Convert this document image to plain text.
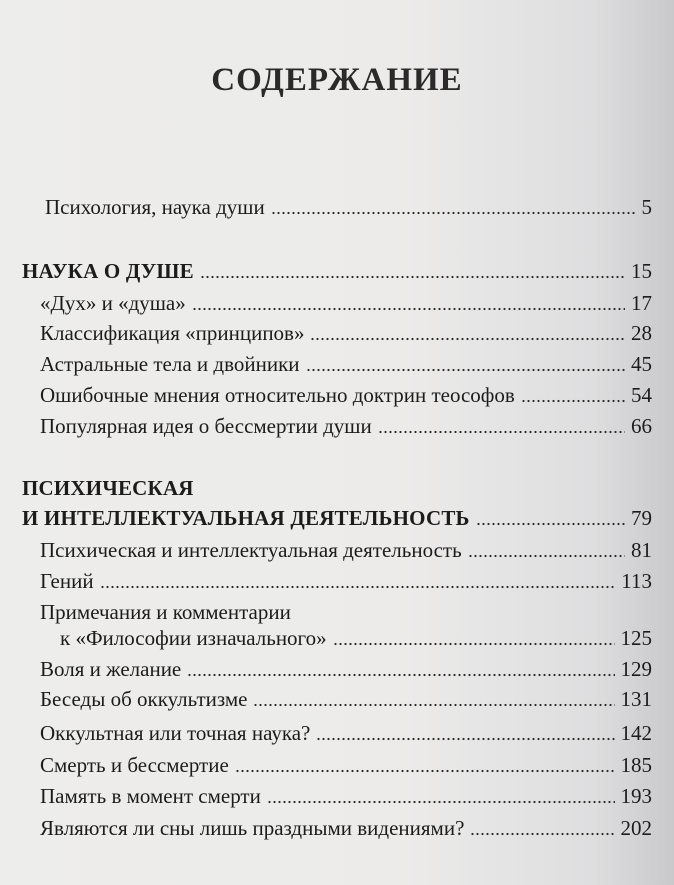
СОДЕРЖАНИЕ
Психология, наука души	5
НАУКА О ДУШЕ	15
«Дух» и «душа»	17
Классификация «принципов»	28
Астральные тела и двойники	45
Ошибочные мнения относительно доктрин теософов	54
Популярная идея о бессмертии души	66
ПСИХИЧЕСКАЯ
И ИНТЕЛЛЕКТУАЛЬНАЯ ДЕЯТЕЛЬНОСТЬ	79
Психическая и интеллектуальная деятельность	81
Гений	113
Примечания и комментарии
к «Философии изначального»	125
Воля и желание	129
Беседы об оккультизме	131
Оккультная или точная наука?	142
Смерть и бессмертие	185
Память в момент смерти	193
Являются ли сны лишь праздными видениями?	202
